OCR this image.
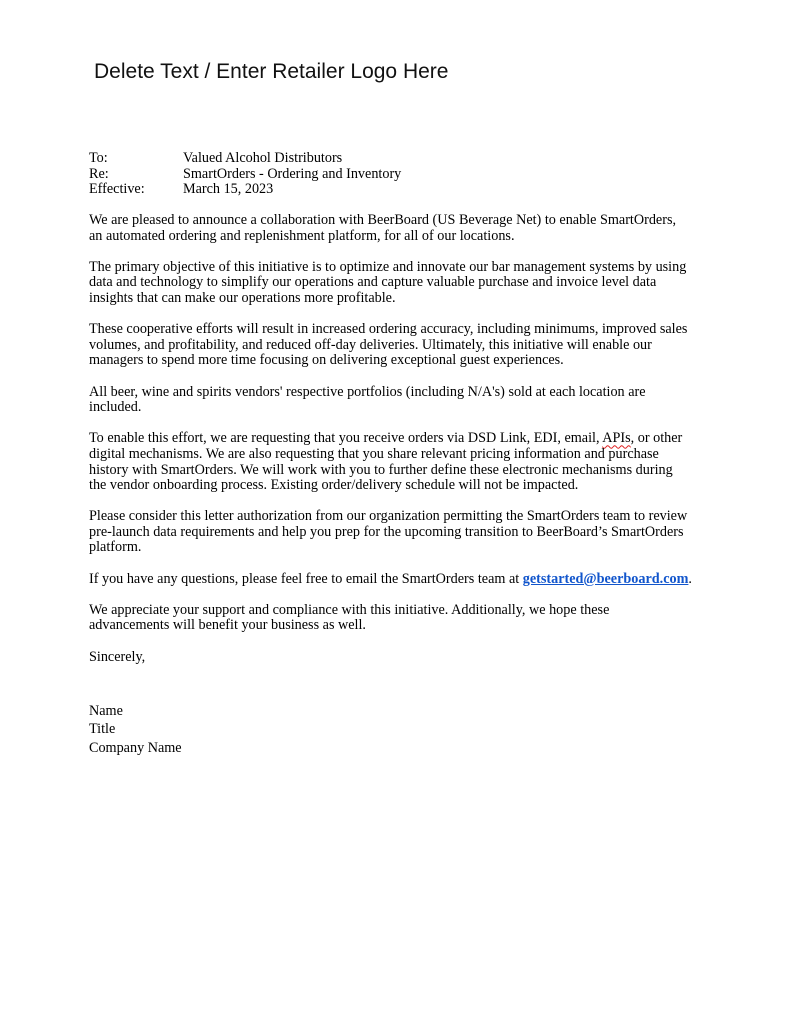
Delete Text / Enter Retailer Logo Here
To:	Valued Alcohol Distributors
Re:	SmartOrders - Ordering and Inventory
Effective:	March 15, 2023

We are pleased to announce a collaboration with BeerBoard (US Beverage Net) to enable SmartOrders,
an automated ordering and replenishment platform, for all of our locations.

The primary objective of this initiative is to optimize and innovate our bar management systems by using
data and technology to simplify our operations and capture valuable purchase and invoice level data
insights that can make our operations more profitable.

These cooperative efforts will result in increased ordering accuracy, including minimums, improved sales
volumes, and profitability, and reduced off-day deliveries. Ultimately, this initiative will enable our
managers to spend more time focusing on delivering exceptional guest experiences.

All beer, wine and spirits vendors' respective portfolios (including N/A's) sold at each location are
included.

To enable this effort, we are requesting that you receive orders via DSD Link, EDI, email, APIs, or other
digital mechanisms. We are also requesting that you share relevant pricing information and purchase
history with SmartOrders. We will work with you to further define these electronic mechanisms during
the vendor onboarding process. Existing order/delivery schedule will not be impacted.

Please consider this letter authorization from our organization permitting the SmartOrders team to review
pre-launch data requirements and help you prep for the upcoming transition to BeerBoard’s SmartOrders
platform.

If you have any questions, please feel free to email the SmartOrders team at getstarted@beerboard.com.

We appreciate your support and compliance with this initiative. Additionally, we hope these
advancements will benefit your business as well.

Sincerely,

Name
Title
Company Name
